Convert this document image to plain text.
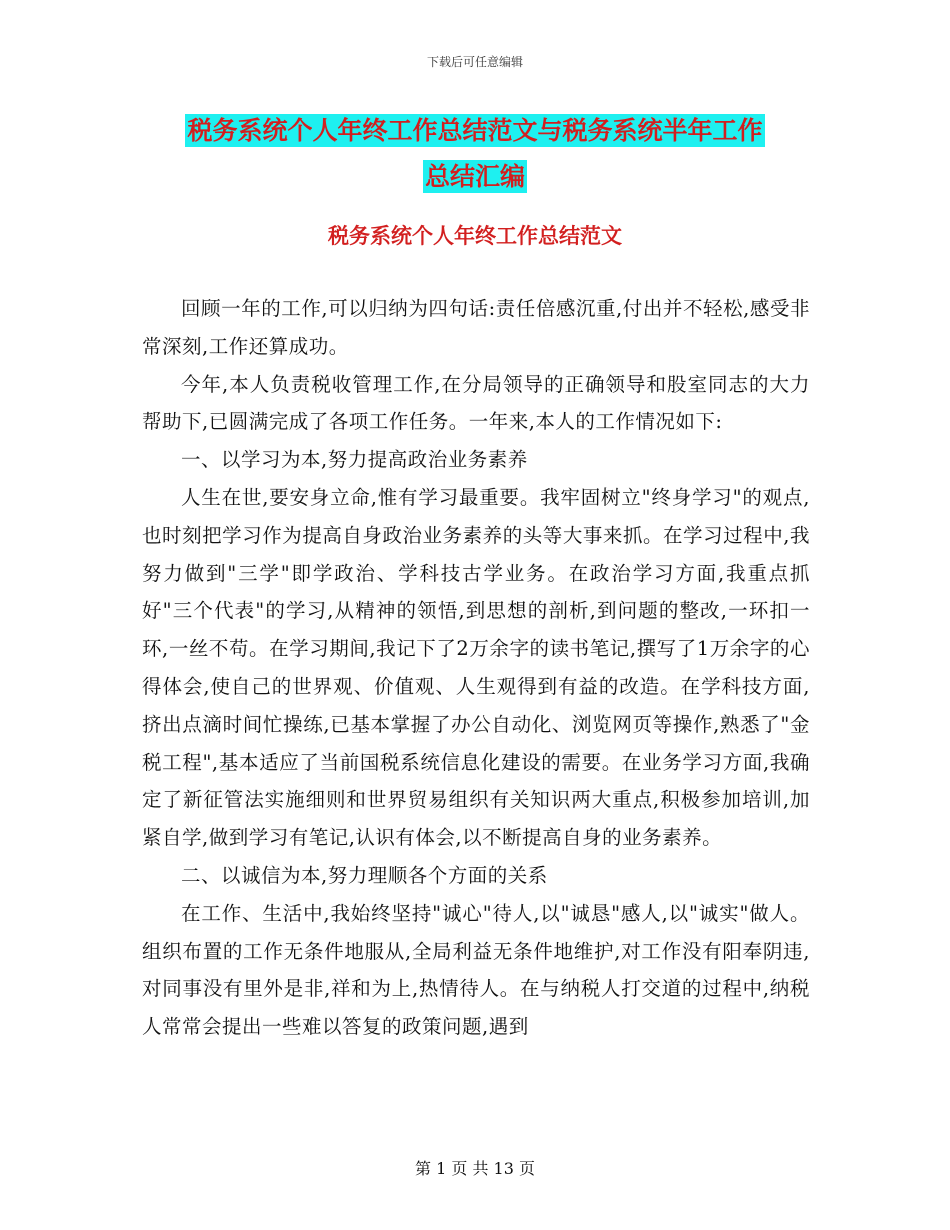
下载后可任意编辑
税务系统个人年终工作总结范文与税务系统半年工作
总结汇编
税务系统个人年终工作总结范文

回顾一年的工作,可以归纳为四句话:责任倍感沉重,付出并不轻松,感受非常深刻,工作还算成功。

今年,本人负责税收管理工作,在分局领导的正确领导和股室同志的大力帮助下,已圆满完成了各项工作任务。一年来,本人的工作情况如下:

一、以学习为本,努力提高政治业务素养

人生在世,要安身立命,惟有学习最重要。我牢固树立"终身学习"的观点,也时刻把学习作为提高自身政治业务素养的头等大事来抓。在学习过程中,我努力做到"三学"即学政治、学科技古学业务。在政治学习方面,我重点抓好"三个代表"的学习,从精神的领悟,到思想的剖析,到问题的整改,一环扣一环,一丝不苟。在学习期间,我记下了2万余字的读书笔记,撰写了1万余字的心得体会,使自己的世界观、价值观、人生观得到有益的改造。在学科技方面,挤出点滴时间忙操练,已基本掌握了办公自动化、浏览网页等操作,熟悉了"金税工程",基本适应了当前国税系统信息化建设的需要。在业务学习方面,我确定了新征管法实施细则和世界贸易组织有关知识两大重点,积极参加培训,加紧自学,做到学习有笔记,认识有体会,以不断提高自身的业务素养。

二、以诚信为本,努力理顺各个方面的关系

在工作、生活中,我始终坚持"诚心"待人,以"诚恳"感人,以"诚实"做人。组织布置的工作无条件地服从,全局利益无条件地维护,对工作没有阳奉阴违,对同事没有里外是非,祥和为上,热情待人。在与纳税人打交道的过程中,纳税人常常会提出一些难以答复的政策问题,遇到

第 1 页 共 13 页
